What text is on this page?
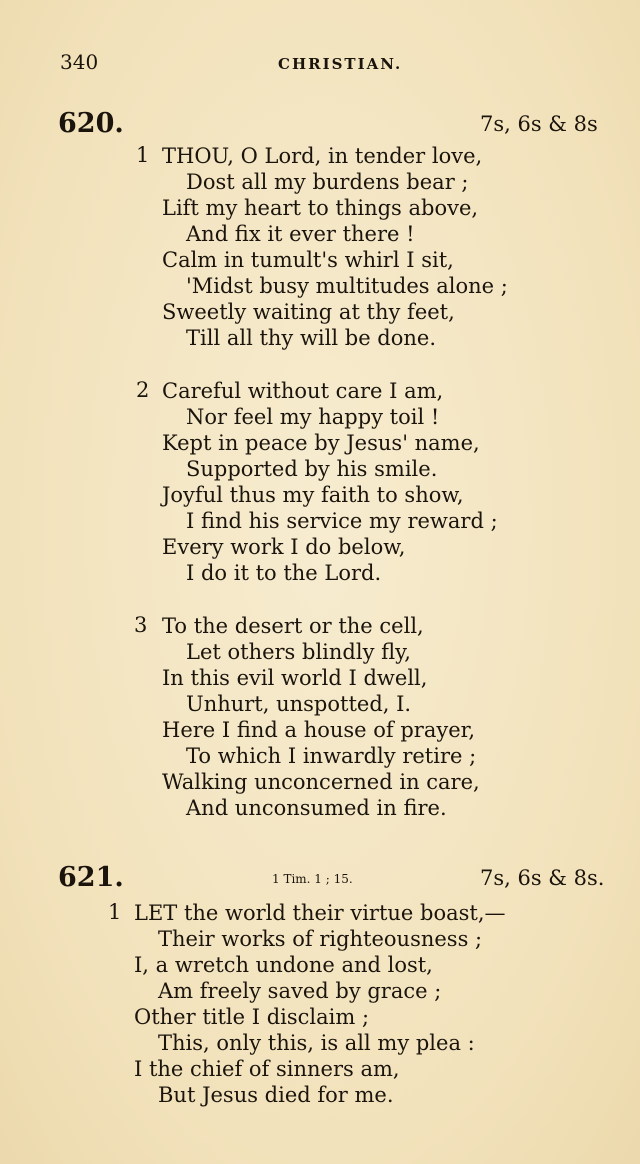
340	CHRISTIAN.
620.	7s, 6s & 8s
1 THOU, O Lord, in tender love,
Dost all my burdens bear ;
Lift my heart to things above,
And fix it ever there !
Calm in tumult's whirl I sit,
'Midst busy multitudes alone ;
Sweetly waiting at thy feet,
Till all thy will be done.
2 Careful without care I am,
Nor feel my happy toil !
Kept in peace by Jesus' name,
Supported by his smile.
Joyful thus my faith to show,
I find his service my reward ;
Every work I do below,
I do it to the Lord.
3 To the desert or the cell,
Let others blindly fly,
In this evil world I dwell,
Unhurt, unspotted, I.
Here I find a house of prayer,
To which I inwardly retire ;
Walking unconcerned in care,
And unconsumed in fire.
621.	1 Tim. 1 ; 15.	7s, 6s & 8s.
1 LET the world their virtue boast,—
Their works of righteousness ;
I, a wretch undone and lost,
Am freely saved by grace ;
Other title I disclaim ;
This, only this, is all my plea :
I the chief of sinners am,
But Jesus died for me.
